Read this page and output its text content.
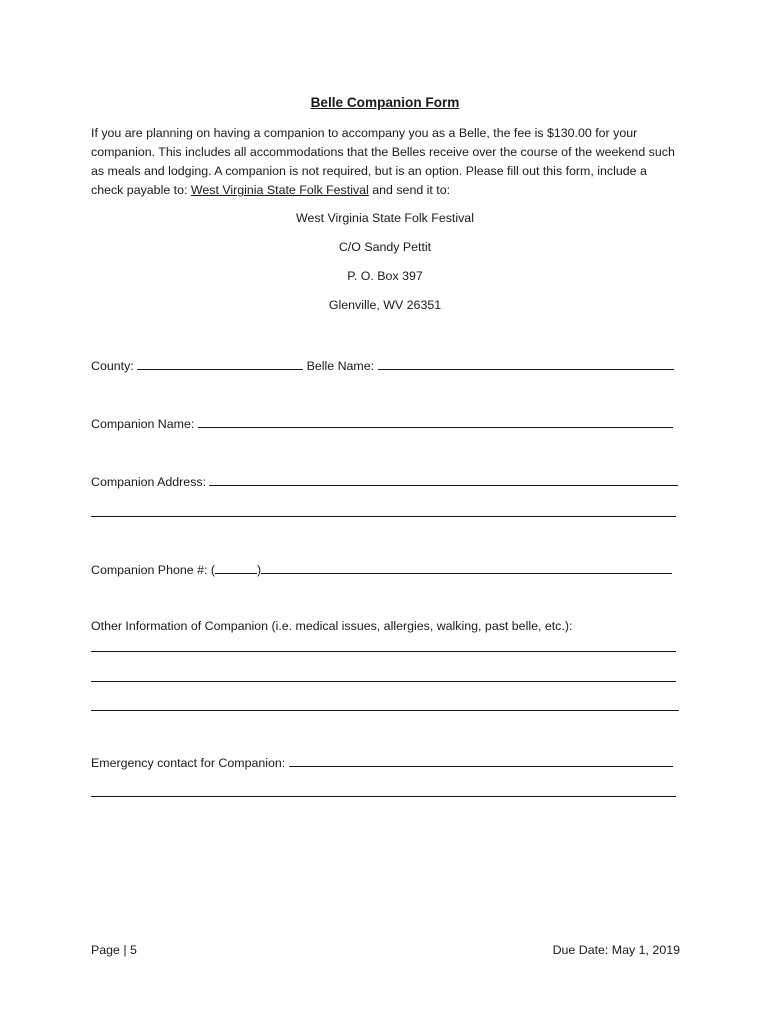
Belle Companion Form
If you are planning on having a companion to accompany you as a Belle, the fee is $130.00 for your companion. This includes all accommodations that the Belles receive over the course of the weekend such as meals and lodging. A companion is not required, but is an option. Please fill out this form, include a check payable to: West Virginia State Folk Festival and send it to:
West Virginia State Folk Festival
C/O Sandy Pettit
P. O. Box 397
Glenville, WV 26351
County:	Belle Name:
Companion Name:
Companion Address:
Companion Phone #: (	)
Other Information of Companion (i.e. medical issues, allergies, walking, past belle, etc.):
Emergency contact for Companion:
Page | 5	Due Date: May 1, 2019
